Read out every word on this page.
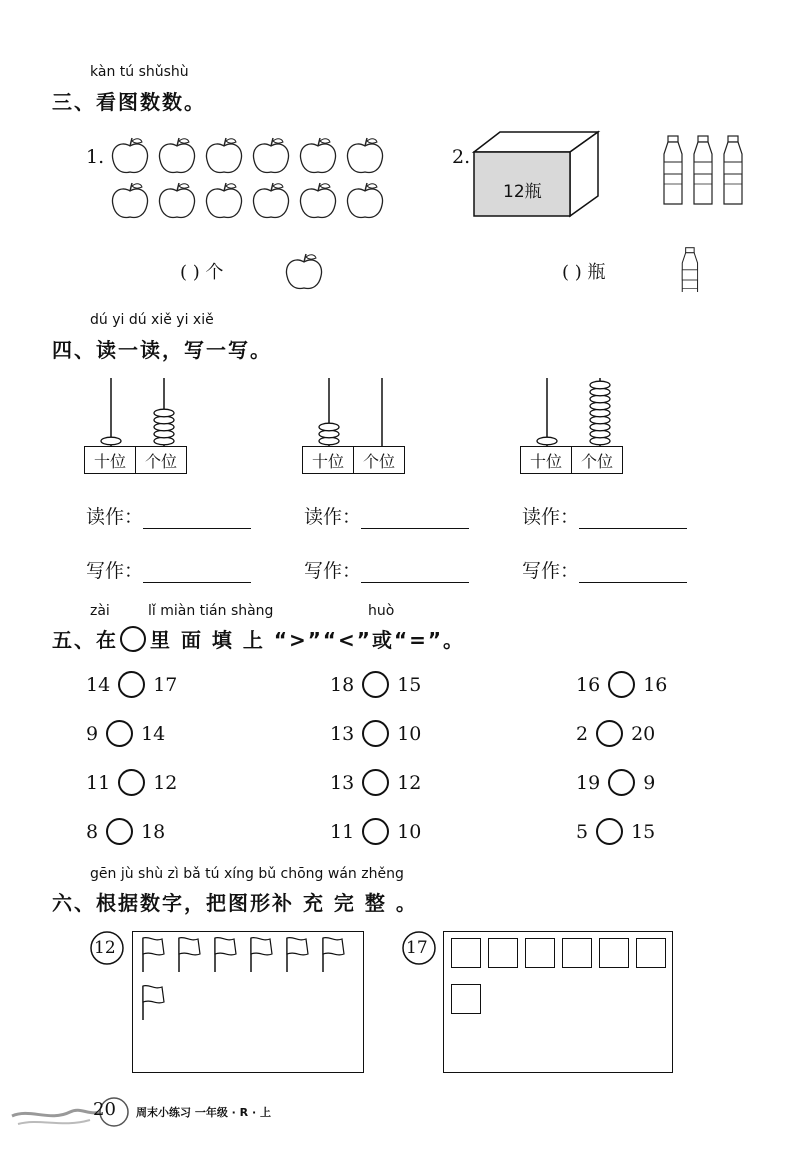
kàn tú shǔshù
三、看图数数。
1.
( ) 个
2.
12瓶
( ) 瓶
dú yi dú xiě yi xiě
四、读一读，写一写。
十位	个位	十位	个位	十位	个位
读作：	读作：	读作：
写作：	写作：	写作：
zài	lǐ miàn tián shàng	huò
五、在 里 面 填 上 “>”“<”或“=”。
14 17	18 15	16 16
9 14	13 10	2 20
11 12	13 12	19 9
8 18	11 10	5 15
gēn jù shù zì bǎ tú xíng bǔ chōng wán zhěng
六、根据数字，把图形补 充 完 整 。
12	17
20 周末小练习 一年级 · R · 上
